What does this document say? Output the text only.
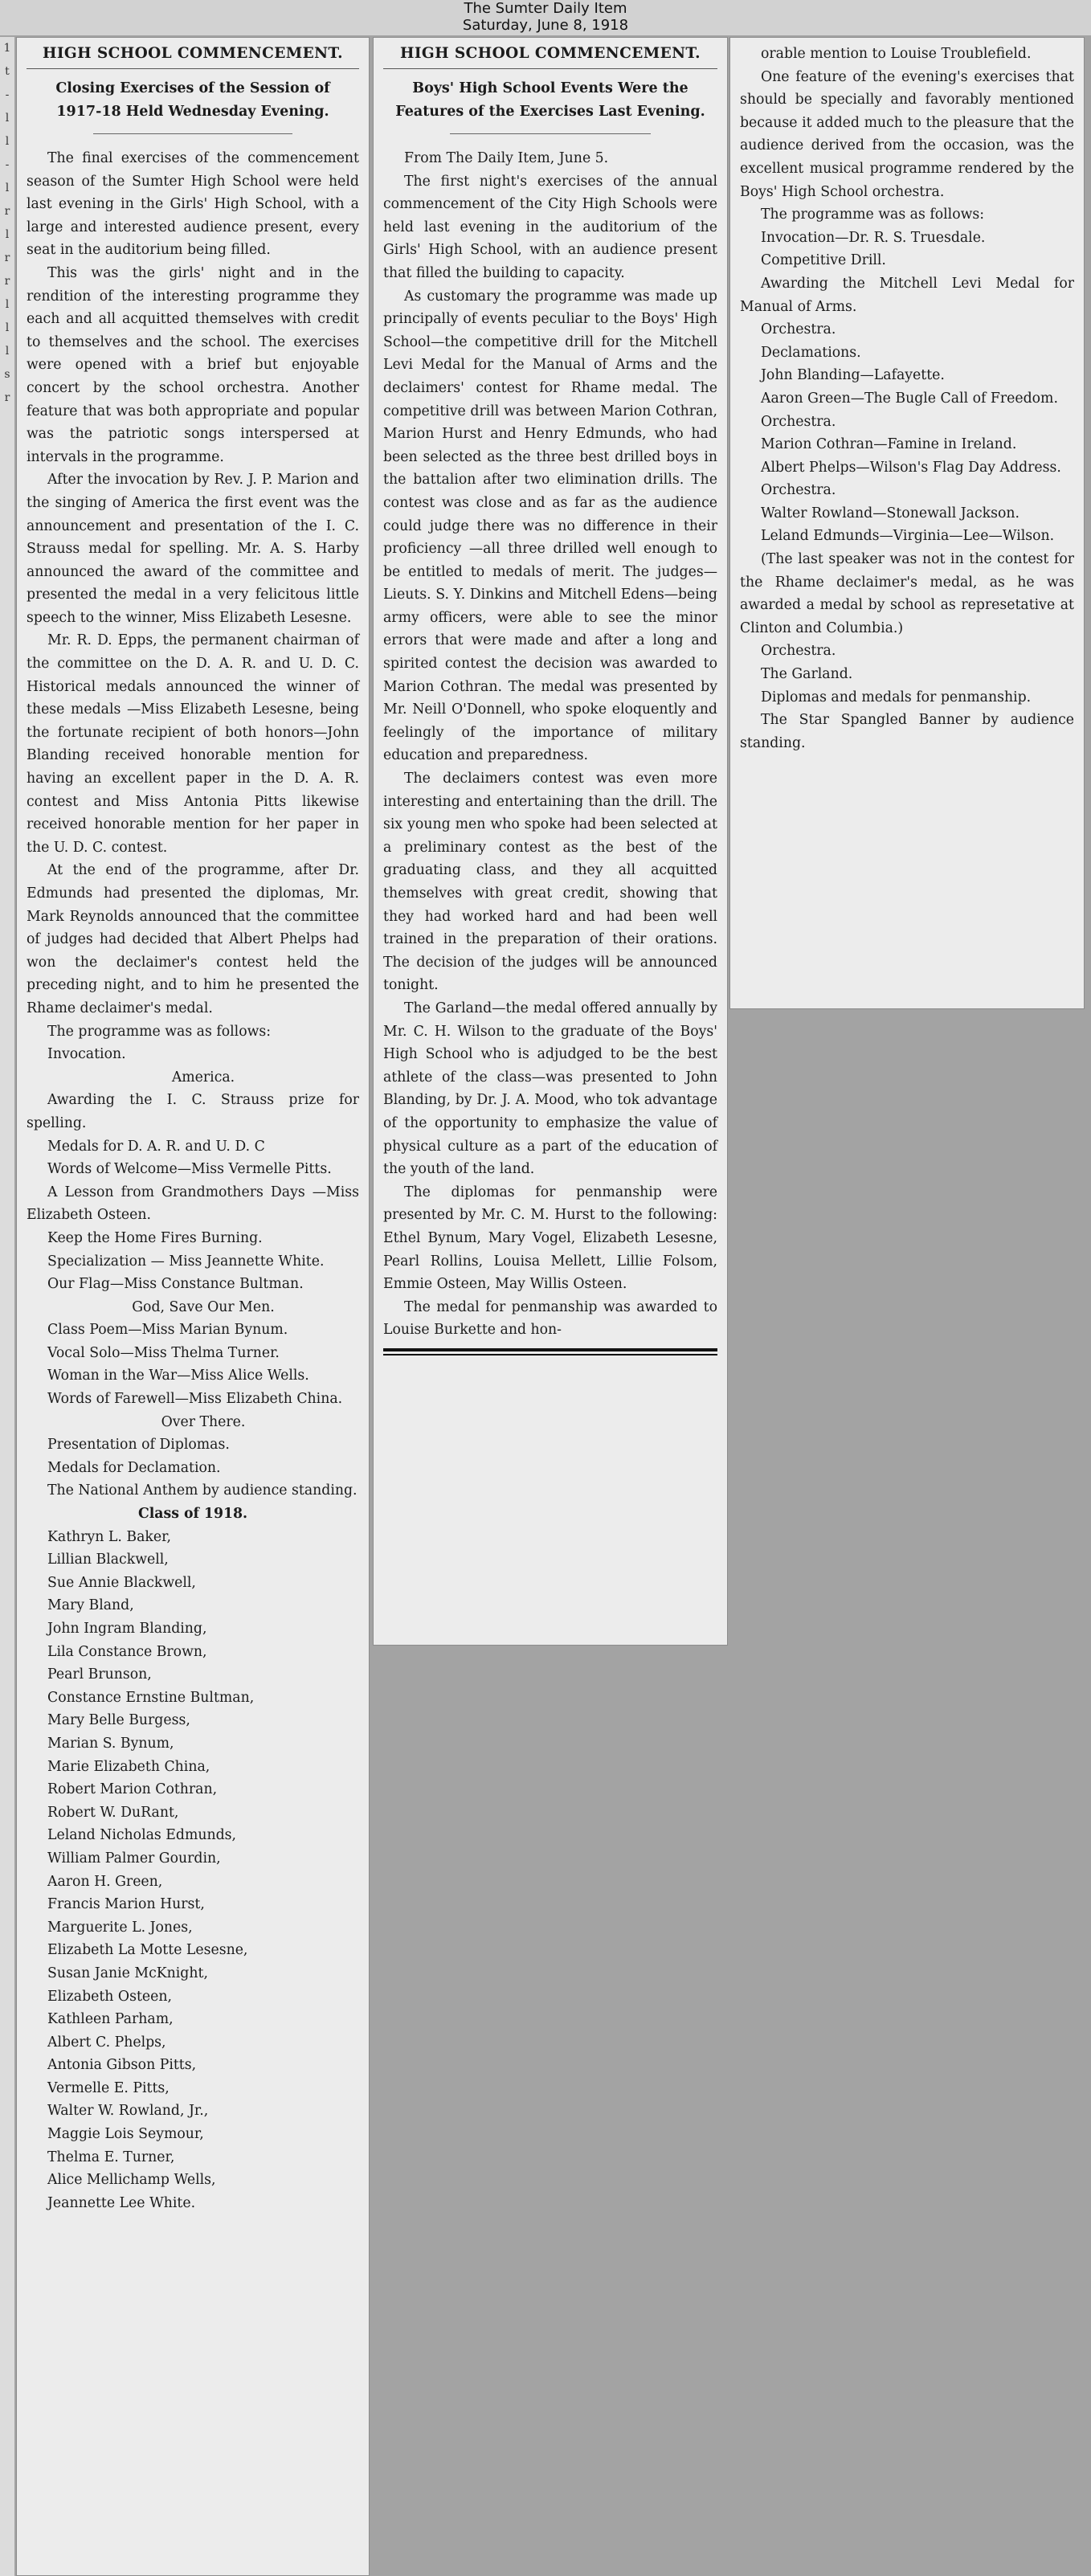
The Sumter Daily Item
Saturday, June 8, 1918
1
t
-
l
l
-
l
r
l
r
r
l
l
l
s
r
HIGH SCHOOL COMMENCEMENT.
Closing Exercises of the Session of 1917-18 Held Wednesday Evening.

The final exercises of the commencement season of the Sumter High School were held last evening in the Girls' High School, with a large and interested audience present, every seat in the auditorium being filled.

This was the girls' night and in the rendition of the interesting programme they each and all acquitted themselves with credit to themselves and the school. The exercises were opened with a brief but enjoyable concert by the school orchestra. Another feature that was both appropriate and popular was the patriotic songs interspersed at intervals in the programme.

After the invocation by Rev. J. P. Marion and the singing of America the first event was the announcement and presentation of the I. C. Strauss medal for spelling. Mr. A. S. Harby announced the award of the committee and presented the medal in a very felicitous little speech to the winner, Miss Elizabeth Lesesne.

Mr. R. D. Epps, the permanent chairman of the committee on the D. A. R. and U. D. C. Historical medals announced the winner of these medals —Miss Elizabeth Lesesne, being the fortunate recipient of both honors—John Blanding received honorable mention for having an excellent paper in the D. A. R. contest and Miss Antonia Pitts likewise received honorable mention for her paper in the U. D. C. contest.

At the end of the programme, after Dr. Edmunds had presented the diplomas, Mr. Mark Reynolds announced that the committee of judges had decided that Albert Phelps had won the declaimer's contest held the preceding night, and to him he presented the Rhame declaimer's medal.

The programme was as follows:

Invocation.

America.

Awarding the I. C. Strauss prize for spelling.

Medals for D. A. R. and U. D. C

Words of Welcome—Miss Vermelle Pitts.

A Lesson from Grandmothers Days —Miss Elizabeth Osteen.

Keep the Home Fires Burning.

Specialization — Miss Jeannette White.

Our Flag—Miss Constance Bultman.

God, Save Our Men.

Class Poem—Miss Marian Bynum.

Vocal Solo—Miss Thelma Turner.

Woman in the War—Miss Alice Wells.

Words of Farewell—Miss Elizabeth China.

Over There.

Presentation of Diplomas.

Medals for Declamation.

The National Anthem by audience standing.

Class of 1918.

Kathryn L. Baker,

Lillian Blackwell,

Sue Annie Blackwell,

Mary Bland,

John Ingram Blanding,

Lila Constance Brown,

Pearl Brunson,

Constance Ernstine Bultman,

Mary Belle Burgess,

Marian S. Bynum,

Marie Elizabeth China,

Robert Marion Cothran,

Robert W. DuRant,

Leland Nicholas Edmunds,

William Palmer Gourdin,

Aaron H. Green,

Francis Marion Hurst,

Marguerite L. Jones,

Elizabeth La Motte Lesesne,

Susan Janie McKnight,

Elizabeth Osteen,

Kathleen Parham,

Albert C. Phelps,

Antonia Gibson Pitts,

Vermelle E. Pitts,

Walter W. Rowland, Jr.,

Maggie Lois Seymour,

Thelma E. Turner,

Alice Mellichamp Wells,

Jeannette Lee White.

HIGH SCHOOL COMMENCEMENT.
Boys' High School Events Were the Features of the Exercises Last Evening.

From The Daily Item, June 5.

The first night's exercises of the annual commencement of the City High Schools were held last evening in the auditorium of the Girls' High School, with an audience present that filled the building to capacity.

As customary the programme was made up principally of events peculiar to the Boys' High School—the competitive drill for the Mitchell Levi Medal for the Manual of Arms and the declaimers' contest for Rhame medal. The competitive drill was between Marion Cothran, Marion Hurst and Henry Edmunds, who had been selected as the three best drilled boys in the battalion after two elimination drills. The contest was close and as far as the audience could judge there was no difference in their proficiency —all three drilled well enough to be entitled to medals of merit. The judges—Lieuts. S. Y. Dinkins and Mitchell Edens—being army officers, were able to see the minor errors that were made and after a long and spirited contest the decision was awarded to Marion Cothran. The medal was presented by Mr. Neill O'Donnell, who spoke eloquently and feelingly of the importance of military education and preparedness.

The declaimers contest was even more interesting and entertaining than the drill. The six young men who spoke had been selected at a preliminary contest as the best of the graduating class, and they all acquitted themselves with great credit, showing that they had worked hard and had been well trained in the preparation of their orations. The decision of the judges will be announced tonight.

The Garland—the medal offered annually by Mr. C. H. Wilson to the graduate of the Boys' High School who is adjudged to be the best athlete of the class—was presented to John Blanding, by Dr. J. A. Mood, who tok advantage of the opportunity to emphasize the value of physical culture as a part of the education of the youth of the land.

The diplomas for penmanship were presented by Mr. C. M. Hurst to the following: Ethel Bynum, Mary Vogel, Elizabeth Lesesne, Pearl Rollins, Louisa Mellett, Lillie Folsom, Emmie Osteen, May Willis Osteen.

The medal for penmanship was awarded to Louise Burkette and hon-

orable mention to Louise Troublefield.

One feature of the evening's exercises that should be specially and favorably mentioned because it added much to the pleasure that the audience derived from the occasion, was the excellent musical programme rendered by the Boys' High School orchestra.

The programme was as follows:

Invocation—Dr. R. S. Truesdale.

Competitive Drill.

Awarding the Mitchell Levi Medal for Manual of Arms.

Orchestra.

Declamations.

John Blanding—Lafayette.

Aaron Green—The Bugle Call of Freedom.

Orchestra.

Marion Cothran—Famine in Ireland.

Albert Phelps—Wilson's Flag Day Address.

Orchestra.

Walter Rowland—Stonewall Jackson.

Leland Edmunds—Virginia—Lee—Wilson.

(The last speaker was not in the contest for the Rhame declaimer's medal, as he was awarded a medal by school as represetative at Clinton and Columbia.)

Orchestra.

The Garland.

Diplomas and medals for penmanship.

The Star Spangled Banner by audience standing.
